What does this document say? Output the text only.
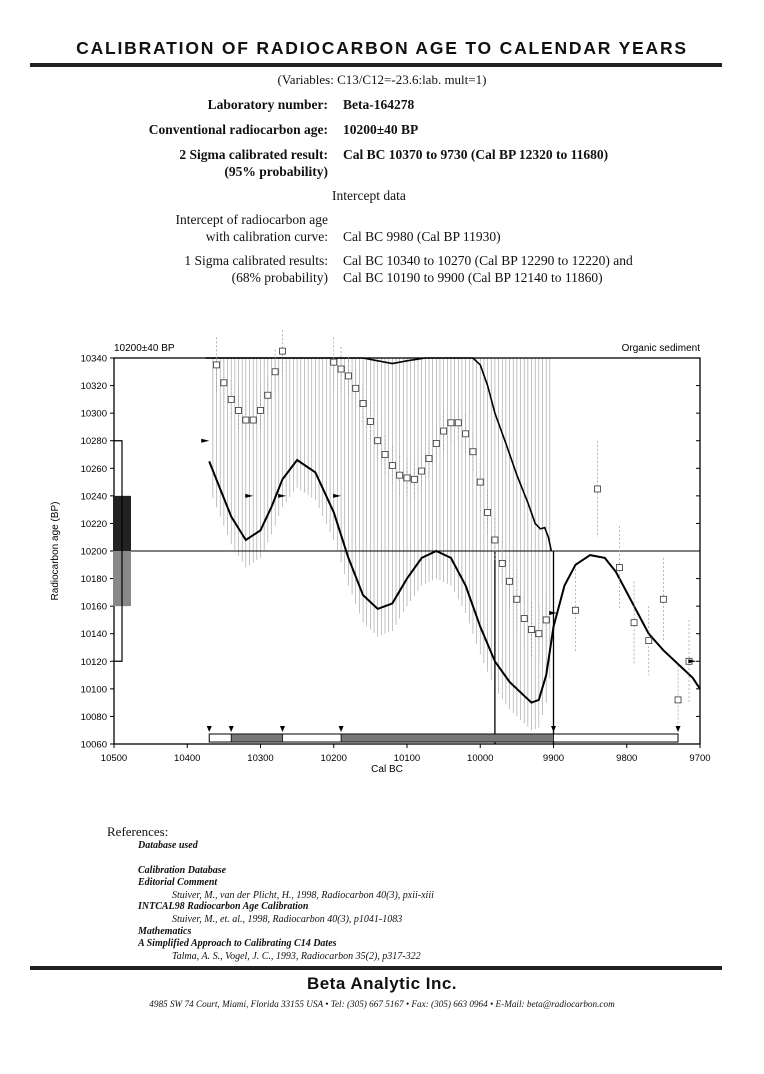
CALIBRATION OF RADIOCARBON AGE TO CALENDAR YEARS
(Variables: C13/C12=-23.6:lab. mult=1)
Laboratory number: Beta-164278
Conventional radiocarbon age: 10200±40 BP
2 Sigma calibrated result:
(95% probability)
Cal BC 10370 to 9730 (Cal BP 12320 to 11680)
Intercept data
Intercept of radiocarbon age
with calibration curve: Cal BC 9980 (Cal BP 11930)
1 Sigma calibrated results:
(68% probability)
Cal BC 10340 to 10270 (Cal BP 12290 to 12220) and
Cal BC 10190 to 9900 (Cal BP 12140 to 11860)
10340
10320
10300
10280
10260
10240
10220
10200
10180
10160
10140
10120
10100
10080
10060
10500	10400	10300	10200	10100	10000	9900	9800	9700
Cal BC
Radiocarbon age (BP)
10200±40 BP	Organic sediment
References:
Database used
Calibration Database
Editorial Comment
Stuiver, M., van der Plicht, H., 1998, Radiocarbon 40(3), pxii-xiii
INTCAL98 Radiocarbon Age Calibration
Stuiver, M., et. al., 1998, Radiocarbon 40(3), p1041-1083
Mathematics
A Simplified Approach to Calibrating C14 Dates
Talma, A. S., Vogel, J. C., 1993, Radiocarbon 35(2), p317-322
Beta Analytic Inc.
4985 SW 74 Court, Miami, Florida 33155 USA • Tel: (305) 667 5167 • Fax: (305) 663 0964 • E-Mail: beta@radiocarbon.com
